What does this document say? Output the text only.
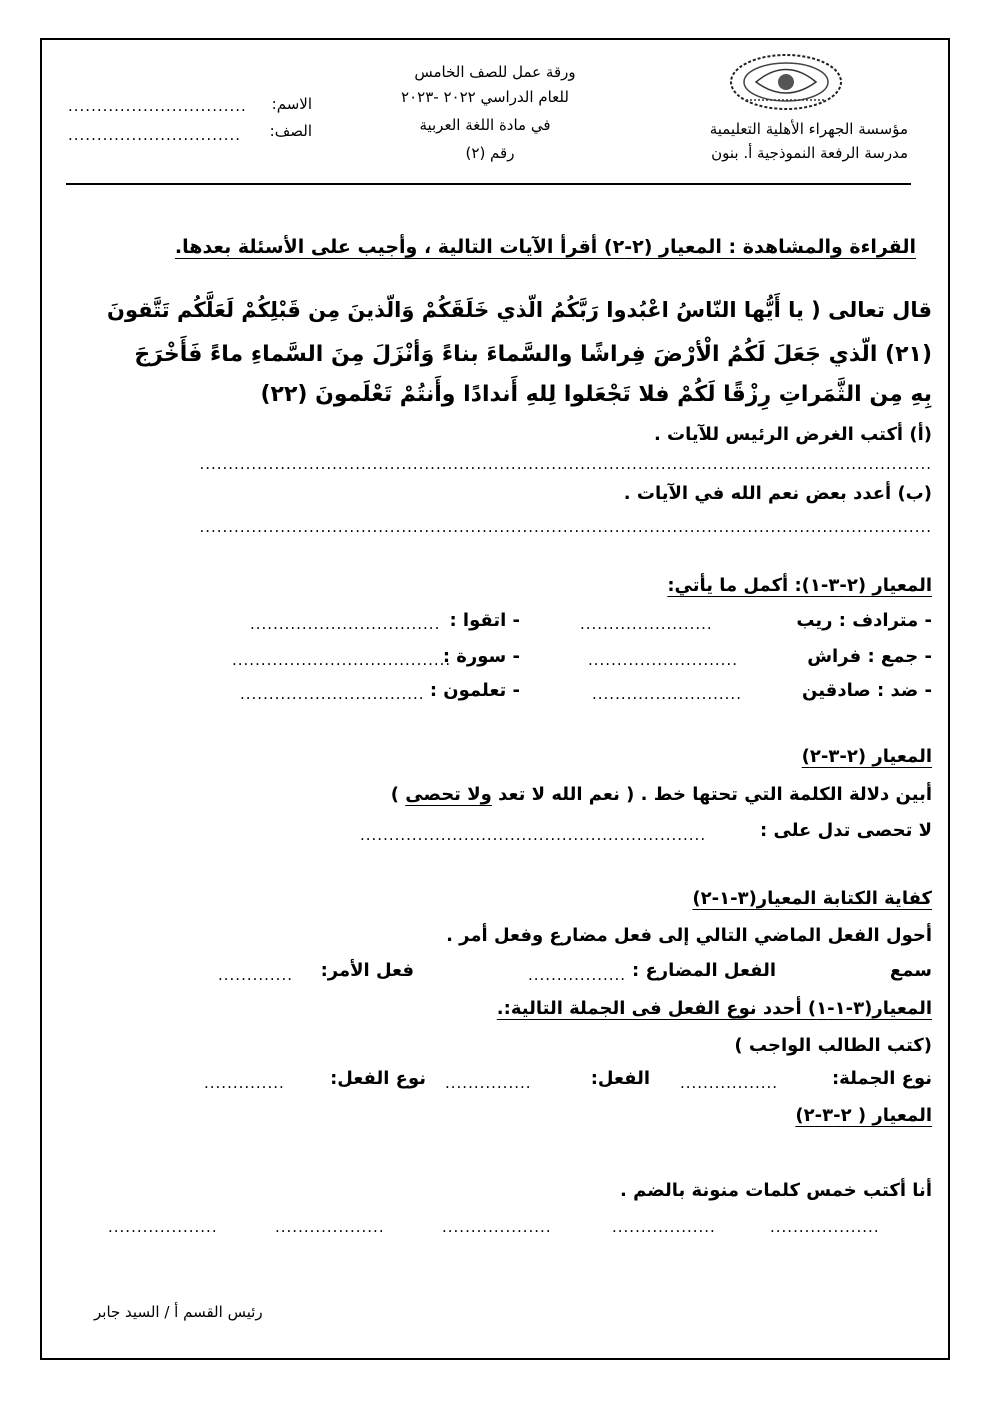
مؤسسة الجهراء الأهلية التعليمية
مدرسة الرفعة النموذجية أ. بنون
ورقة عمل للصف الخامس
للعام الدراسي ٢٠٢٢ -٢٠٢٣
في مادة اللغة العربية
رقم (٢)
الاسم:
...............................
الصف:
..............................
القراءة والمشاهدة : المعيار (٢-٢) أقرأ الآيات التالية ، وأجيب على الأسئلة بعدها.
قال تعالى ( يا أَيُّها النّاسُ اعْبُدوا رَبَّكُمُ الّذي خَلَقَكُمْ وَالّذينَ مِن قَبْلِكُمْ لَعَلَّكُم تَتَّقونَ
(٢١) الّذي جَعَلَ لَكُمُ الْأرْضَ فِراشًا والسَّماءَ بناءً وَأنْزَلَ مِنَ السَّماءِ ماءً فَأَخْرَجَ
بِهِ مِن الثَّمَراتِ رِزْقًا لَكُمْ فلا تَجْعَلوا لِلهِ أَندادًا وأَنتُمْ تَعْلَمونَ (٢٢)
(أ) أكتب الغرض الرئيس للآيات .
...............................................................................................................................
(ب) أعدد بعض نعم الله في الآيات .
...............................................................................................................................
المعيار (٢-٣-١): أكمل ما يأتي:
- مترادف : ريب
.......................
- اتقوا :
.................................
- جمع : فراش
..........................
- سورة :
......................................
- ضد : صادقين
..........................
- تعلمون :
................................
المعيار (٢-٣-٢)
أبين دلالة الكلمة التي تحتها خط . ( نعم الله لا تعد ولا تحصى )
لا تحصى تدل على :
............................................................
كفاية الكتابة المعيار(٣-١-٢)
أحول الفعل الماضي التالي إلى فعل مضارع وفعل أمر .
سمع
الفعل المضارع :
.................
فعل الأمر:
.............
المعيار(٣-١-١) أحدد نوع الفعل فى الجملة التالية:.
(كتب الطالب الواجب )
نوع الجملة:
.................
الفعل:
...............
نوع الفعل:
..............
المعيار ( ٢-٣-٢)
أنا أكتب خمس كلمات منونة بالضم .
...................
..................
...................
...................
...................
رئيس القسم أ / السيد جابر
